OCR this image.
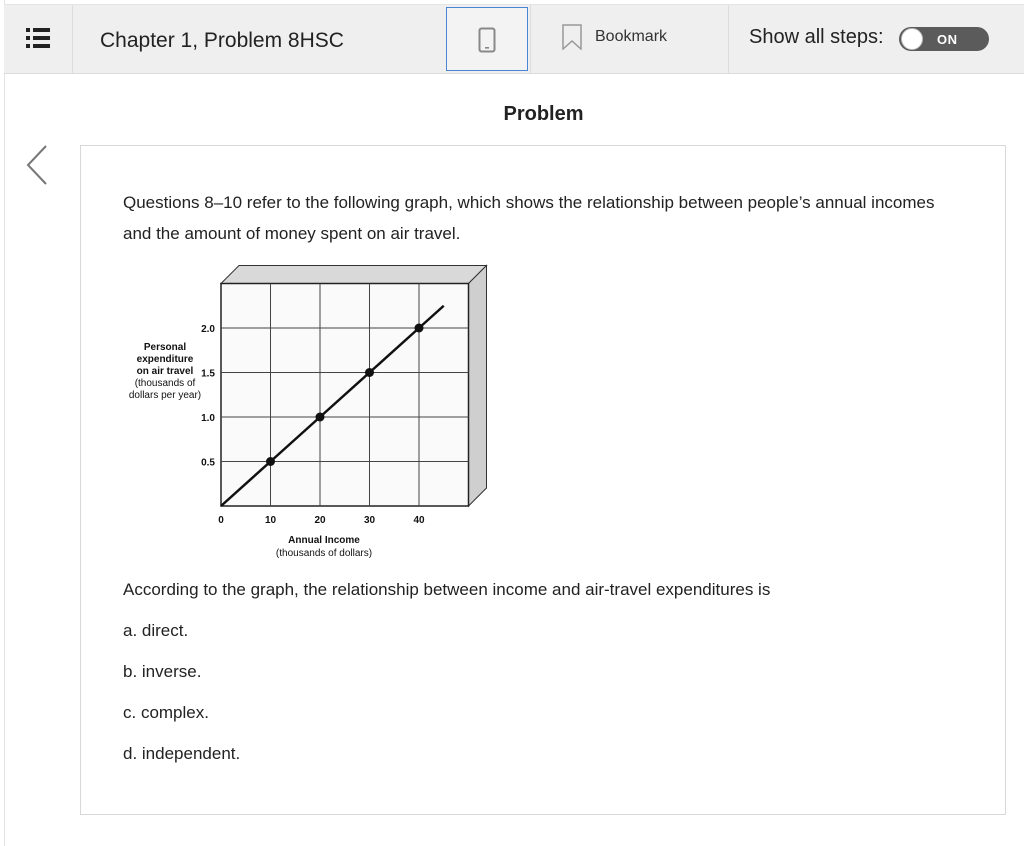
Chapter 1, Problem 8HSC	Bookmark	Show all steps:	ON
Problem
Questions 8–10 refer to the following graph, which shows the relationship between people’s annual incomes and the amount of money spent on air travel.
0	10	20	30	40
0.5
1.0
1.5
2.0
Annual Income
(thousands of dollars)
Personal
expenditure
on air travel
(thousands of
dollars per year)
According to the graph, the relationship between income and air-travel expenditures is
a. direct.
b. inverse.
c. complex.
d. independent.
